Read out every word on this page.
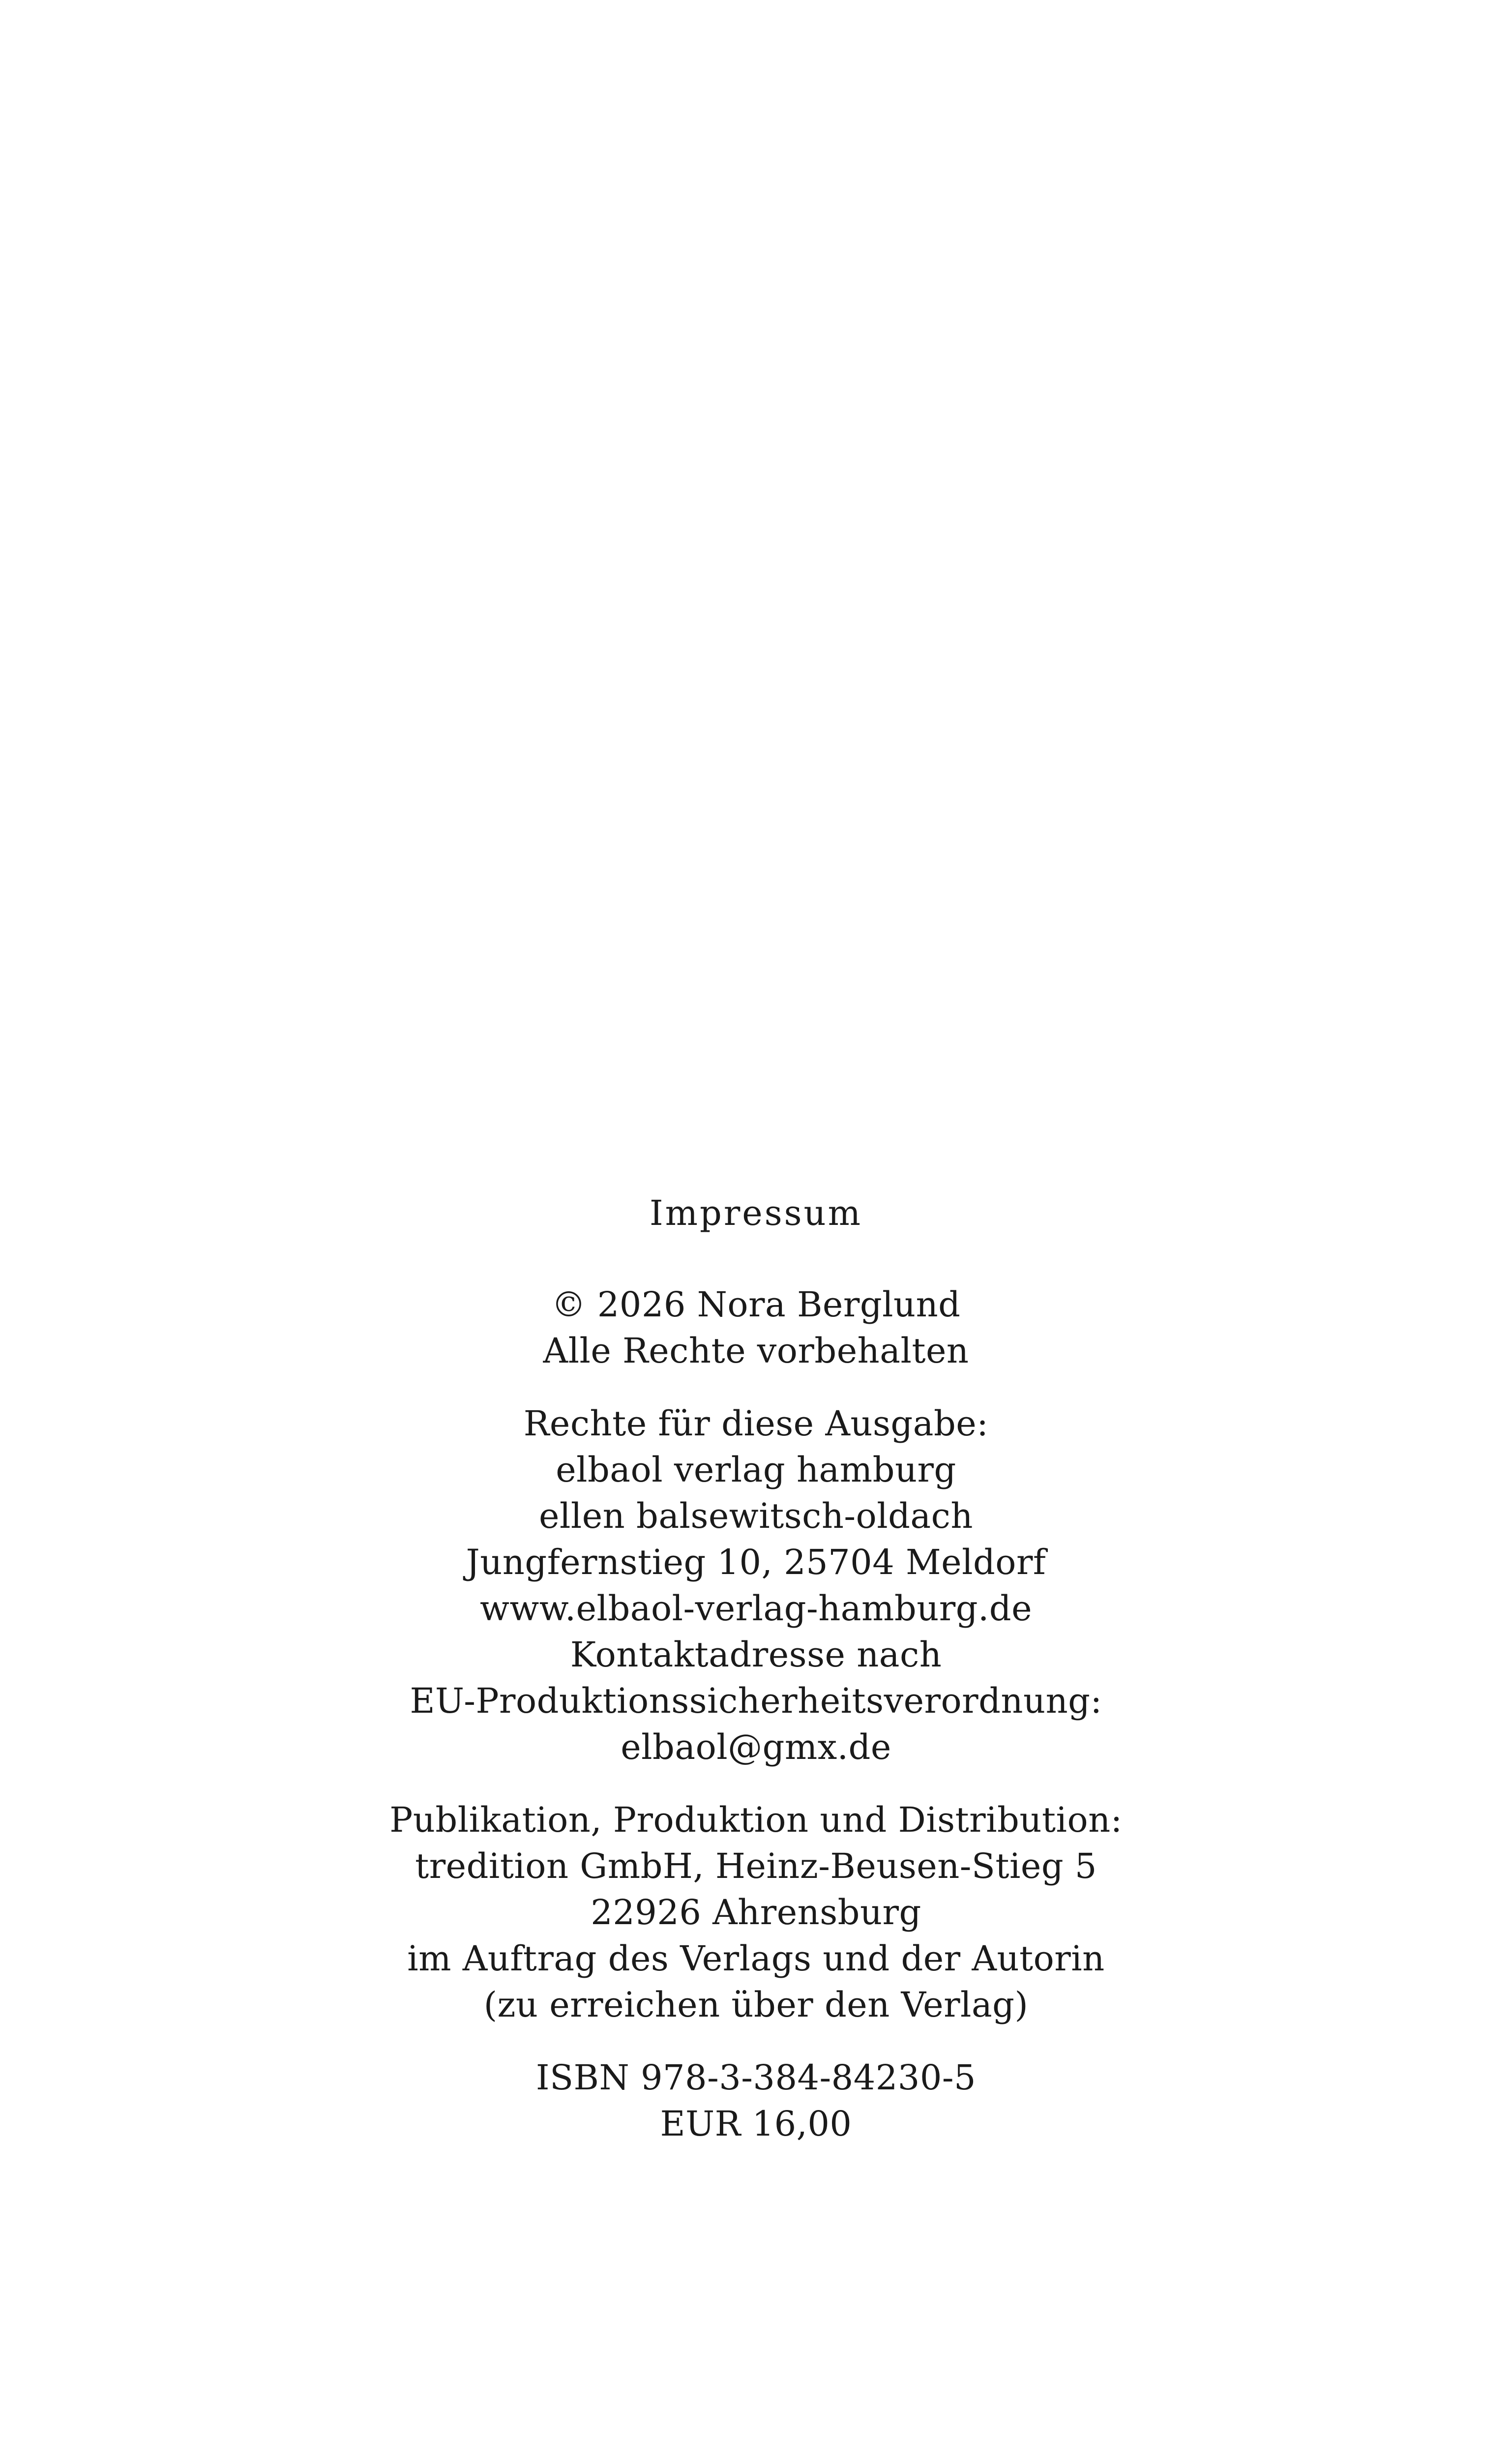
Impressum
© 2026 Nora Berglund
Alle Rechte vorbehalten
Rechte für diese Ausgabe:
elbaol verlag hamburg
ellen balsewitsch-oldach
Jungfernstieg 10, 25704 Meldorf
www.elbaol-verlag-hamburg.de
Kontaktadresse nach
EU-Produktionssicherheitsverordnung:
elbaol@gmx.de
Publikation, Produktion und Distribution:
tredition GmbH, Heinz-Beusen-Stieg 5
22926 Ahrensburg
im Auftrag des Verlags und der Autorin
(zu erreichen über den Verlag)
ISBN 978-3-384-84230-5
EUR 16,00
